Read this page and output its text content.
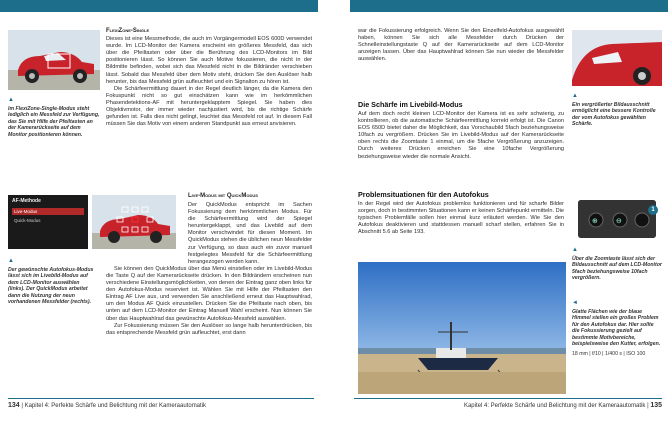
▲
Im FlexiZone-Single-Modus steht lediglich ein Messfeld zur Verfügung, das Sie mit Hilfe der Pfeiltasten an der Kamerarückseite auf dem Monitor positionieren können.
FlexiZone-Single

Dieses ist eine Messmethode, die auch im Vorgängermodell EOS 600D verwendet wurde. Im LCD-Monitor der Kamera erscheint ein größeres Messfeld, das sich über die Pfeiltasten oder über die Berührung des LCD-Monitors im Bild positionieren lässt. So können Sie auch Motive fokussieren, die nicht in der Bildmitte befinden, wobei sich das Messfeld nicht in die Bildränder verschieben lässt. Sobald das Messfeld über dem Motiv steht, drücken Sie den Auslöser halb herunter, bis das Messfeld grün aufleuchtet und ein Signalton zu hören ist.

Die Schärfeermittlung dauert in der Regel deutlich länger, da die Kamera den Fokuspunkt nicht so gut einschätzen kann wie im herkömmlichen Phasendetektions-AF mit heruntergeklapptem Spiegel. Sie haben dies Objektivmotor, der immer wieder nachjustiert wird, bis die richtige Schärfe gefunden ist. Falls dies nicht gelingt, leuchtet das Messfeld rot auf. In diesem Fall müssen Sie das Motiv von einem anderen Standpunkt aus erneut anvisieren.

AF-Methode
Live-Modus
Quick-Modus
▲
Der gewünschte Autofokus-Modus lässt sich im Livebild-Modus auf dem LCD-Monitor auswählen (links). Der QuickModus arbeitet dann die Nutzung der neun vorhandenen Messfelder (rechts).
Live-Modus mit QuickModus

Der QuickModus entspricht im Sachen Fokussierung dem herkömmlichen Modus. Für die Schärfeermittlung wird der Spiegel heruntergeklappt, und das Livebild auf dem Monitor verschwindet für diesen Moment. Im QuickModus stehen die üblichen neun Messfelder zur Verfügung, so dass auch ein zuvor manuell festgelegtes Messfeld für die Schärfeermittlung herangezogen werden kann.

Sie können den QuickModus über das Menü einstellen oder im Livebild-Modus die Taste Q auf der Kamerarückseite drücken. In den Bildrändern erscheinen nun verschiedene Einstellungsmöglichkeiten, von denen der Eintrag ganz oben links für den Autofokus-Modus reserviert ist. Wählen Sie mit Hilfe der Pfeiltasten den Eintrag AF Live aus, und verwenden Sie anschließend erneut das Hauptwahlrad, um den Modus AF Quick einzustellen. Drücken Sie die Pfeiltaste nach oben, bis unten auf dem LCD-Monitor der Eintrag Manuell Wahl erscheint. Nun können Sie über das Hauptwahlrad das gewünschte Autofokus-Messfeld auswählen.

Zur Fokussierung müssen Sie den Auslöser so lange halb herunterdrücken, bis das entsprechende Messfeld grün aufleuchtet, erst dann

134 | Kapitel 4: Perfekte Schärfe und Belichtung mit der Kameraautomatik

war die Fokussierung erfolgreich. Wenn Sie den Einzelfeld-Autofokus ausgewählt haben, können Sie sich alle Messfelder durch Drücken der Schnelleinstellungstaste Q auf der Kamerarückseite auf dem LCD-Monitor anzeigen lassen. Über das Hauptwahlrad können Sie nun wieder die Messfelder auswählen.

▲
Ein vergrößerter Bildausschnitt ermöglicht eine bessere Kontrolle der vom Autofokus gewählten Schärfe.
Die Schärfe im Livebild-Modus

Auf dem doch recht kleinen LCD-Monitor der Kamera ist es sehr schwierig, zu kontrollieren, ob die automatische Schärfeermittlung korrekt erfolgt ist. Die Canon EOS 650D bietet daher die Möglichkeit, das Vorschaubild 5fach beziehungsweise 10fach zu vergrößern. Drücken Sie im Livebild-Modus auf der Kamerarückseite oben rechts die Zoomtaste 1 einmal, um die 5fache Vergrößerung anzuzeigen. Durch weiteres Drücken erreichen Sie eine 10fache Vergrößerung beziehungsweise wieder die normale Ansicht.

Problemsituationen für den Autofokus

In der Regel wird der Autofokus problemlos funktionieren und für scharfe Bilder sorgen, doch in bestimmten Situationen kann er keinen Schärfepunkt ermitteln. Die typischen Problemfälle sollen hier einmal kurz erläutert werden. Wie Sie den Autofokus deaktivieren und stattdessen manuell scharf stellen, erfahren Sie in Abschnitt 5.6 ab Seite 193.

⊕	⊖
1
▲
Über die Zoomtaste lässt sich der Bildausschnitt auf dem LCD-Monitor 5fach beziehungsweise 10fach vergrößern.
◄
Glatte Flächen wie der blaue Himmel stellen ein großes Problem für den Autofokus dar. Hier sollte die Fokussierung gezielt auf bestimmte Motivbereiche, beispielsweise den Kutter, erfolgen.
18 mm | f/10 | 1/400 s | ISO 100
Kapitel 4: Perfekte Schärfe und Belichtung mit der Kameraautomatik | 135
